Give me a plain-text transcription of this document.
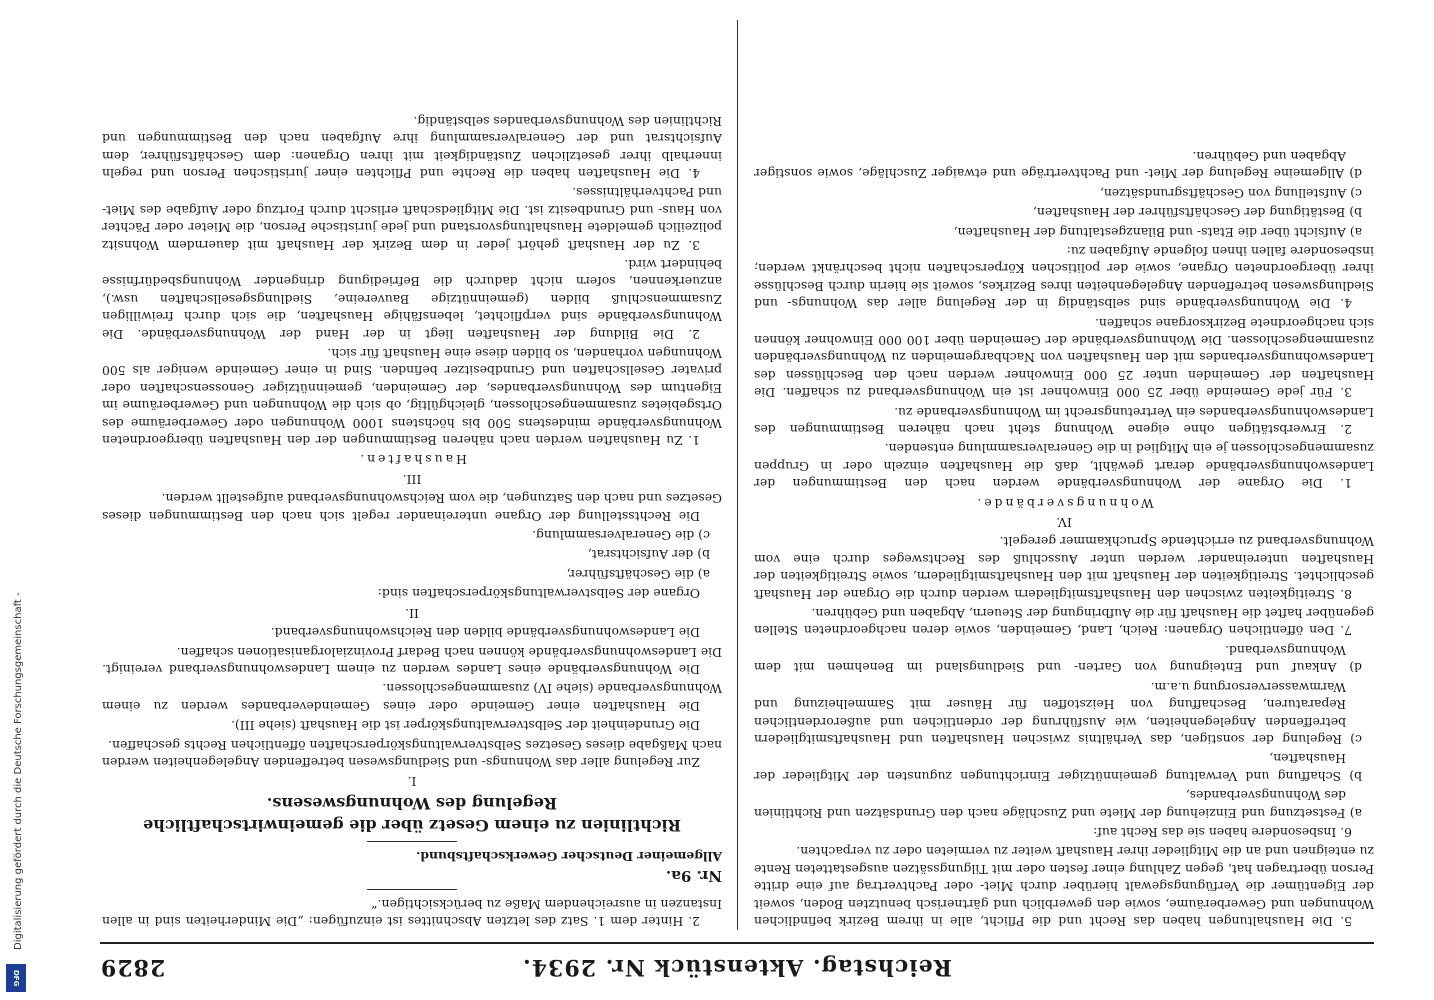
Reichstag. Aktenstück Nr. 2934.
2829

5. Die Haushaltungen haben das Recht und die Pflicht, alle in ihrem Bezirk befindlichen Wohnungen und Gewerberäume, sowie den gewerblich und gärtnerisch benutzten Boden, soweit der Eigentümer die Verfügungsgewalt hierüber durch Miet- oder Pachtvertrag auf eine dritte Person übertragen hat, gegen Zahlung einer festen oder mit Tilgungssätzen ausgestatteten Rente zu enteignen und an die Mitglieder ihrer Haushaft weiter zu vermieten oder zu verpachten.

6. Insbesondere haben sie das Recht auf:

a) Festsetzung und Einziehung der Miete und Zuschläge nach den Grundsätzen und Richtlinien des Wohnungsverbandes,

b) Schaffung und Verwaltung gemeinnütziger Einrichtungen zugunsten der Mitglieder der Haushaften,

c) Regelung der sonstigen, das Verhältnis zwischen Haushaften und Haushaftsmitgliedern betreffenden Angelegenheiten, wie Ausführung der ordentlichen und außerordentlichen Reparaturen, Beschaffung von Heizstoffen für Häuser mit Sammelheizung und Warmwasserversorgung u.a.m.

d) Ankauf und Enteignung von Garten- und Siedlungsland im Benehmen mit dem Wohnungsverband.

7. Den öffentlichen Organen: Reich, Land, Gemeinden, sowie deren nachgeordneten Stellen gegenüber haftet die Haushaft für die Aufbringung der Steuern, Abgaben und Gebühren.

8. Streitigkeiten zwischen den Haushaftsmitgliedern werden durch die Organe der Haushaft geschlichtet. Streitigkeiten der Haushaft mit den Haushaftsmitgliedern, sowie Streitigkeiten der Haushaften untereinander werden unter Ausschluß des Rechtsweges durch eine vom Wohnungsverband zu errichtende Spruchkammer geregelt.

IV.

Wohnungsverbände.

1. Die Organe der Wohnungsverbände werden nach den Bestimmungen der Landeswohnungsverbände derart gewählt, daß die Haushaften einzeln oder in Gruppen zusammengeschlossen je ein Mitglied in die Generalversammlung entsenden.

2. Erwerbstätigen ohne eigene Wohnung steht nach näheren Bestimmungen des Landeswohnungsverbandes ein Vertretungsrecht im Wohnungsverbande zu.

3. Für jede Gemeinde über 25 000 Einwohner ist ein Wohnungsverband zu schaffen. Die Haushaften der Gemeinden unter 25 000 Einwohner werden nach den Beschlüssen des Landeswohnungsverbandes mit den Haushaften von Nachbargemeinden zu Wohnungsverbänden zusammengeschlossen. Die Wohnungsverbände der Gemeinden über 100 000 Einwohner können sich nachgeordnete Bezirksorgane schaffen.

4. Die Wohnungsverbände sind selbständig in der Regelung aller das Wohnungs- und Siedlungswesen betreffenden Angelegenheiten ihres Bezirkes, soweit sie hierin durch Beschlüsse ihrer übergeordneten Organe, sowie der politischen Körperschaften nicht beschränkt werden; insbesondere fallen ihnen folgende Aufgaben zu:

a) Aufsicht über die Etats- und Bilanzgestaltung der Haushaften,

b) Bestätigung der Geschäftsführer der Haushaften,

c) Aufstellung von Geschäftsgrundsätzen,

d) Allgemeine Regelung der Miet- und Pachtverträge und etwaiger Zuschläge, sowie sonstiger Abgaben und Gebühren.

2. Hinter dem 1. Satz des letzten Abschnittes ist einzufügen: „Die Minderheiten sind in allen Instanzen in ausreichendem Maße zu berücksichtigen.“

Nr. 9a.

Allgemeiner Deutscher Gewerkschaftsbund.

Richtlinien zu einem Gesetz über die gemeinwirtschaftliche Regelung des Wohnungswesens.

I.

Zur Regelung aller das Wohnungs- und Siedlungswesen betreffenden Angelegenheiten werden nach Maßgabe dieses Gesetzes Selbstverwaltungskörperschaften öffentlichen Rechts geschaffen.

Die Grundeinheit der Selbstverwaltungskörper ist die Haushaft (siehe III).

Die Haushaften einer Gemeinde oder eines Gemeindeverbandes werden zu einem Wohnungsverbande (siehe IV) zusammengeschlossen.

Die Wohnungsverbände eines Landes werden zu einem Landeswohnungsverband vereinigt. Die Landeswohnungsverbände können nach Bedarf Provinzialorganisationen schaffen.

Die Landeswohnungsverbände bilden den Reichswohnungsverband.

II.

Organe der Selbstverwaltungskörperschaften sind:

a) die Geschäftsführer,

b) der Aufsichtsrat,

c) die Generalversammlung.

Die Rechtsstellung der Organe untereinander regelt sich nach den Bestimmungen dieses Gesetzes und nach den Satzungen, die vom Reichswohnungsverband aufgestellt werden.

III.

Haushaften.

1. Zu Haushaften werden nach näheren Bestimmungen der den Haushaften übergeordneten Wohnungsverbände mindestens 500 bis höchstens 1000 Wohnungen oder Gewerberäume des Ortsgebietes zusammengeschlossen, gleichgültig, ob sich die Wohnungen und Gewerberäume im Eigentum des Wohnungsverbandes, der Gemeinden, gemeinnütziger Genossenschaften oder privater Gesellschaften und Grundbesitzer befinden. Sind in einer Gemeinde weniger als 500 Wohnungen vorhanden, so bilden diese eine Haushaft für sich.

2. Die Bildung der Haushaften liegt in der Hand der Wohnungsverbände. Die Wohnungsverbände sind verpflichtet, lebensfähige Haushaften, die sich durch freiwilligen Zusammenschluß bilden (gemeinnützige Bauvereine, Siedlungsgesellschaften usw.), anzuerkennen, sofern nicht dadurch die Befriedigung dringender Wohnungsbedürfnisse behindert wird.

3. Zu der Haushaft gehört jeder in dem Bezirk der Haushaft mit dauerndem Wohnsitz polizeilich gemeldete Haushaltungsvorstand und jede juristische Person, die Mieter oder Pächter von Haus- und Grundbesitz ist. Die Mitgliedschaft erlischt durch Fortzug oder Aufgabe des Miet- und Pachtverhältnisses.

4. Die Haushaften haben die Rechte und Pflichten einer juristischen Person und regeln innerhalb ihrer gesetzlichen Zuständigkeit mit ihren Organen: dem Geschäftsführer, dem Aufsichtsrat und der Generalversammlung ihre Aufgaben nach den Bestimmungen und Richtlinien des Wohnungsverbandes selbständig.

Digitalisierung gefördert durch die Deutsche Forschungsgemeinschaft -
DFG
